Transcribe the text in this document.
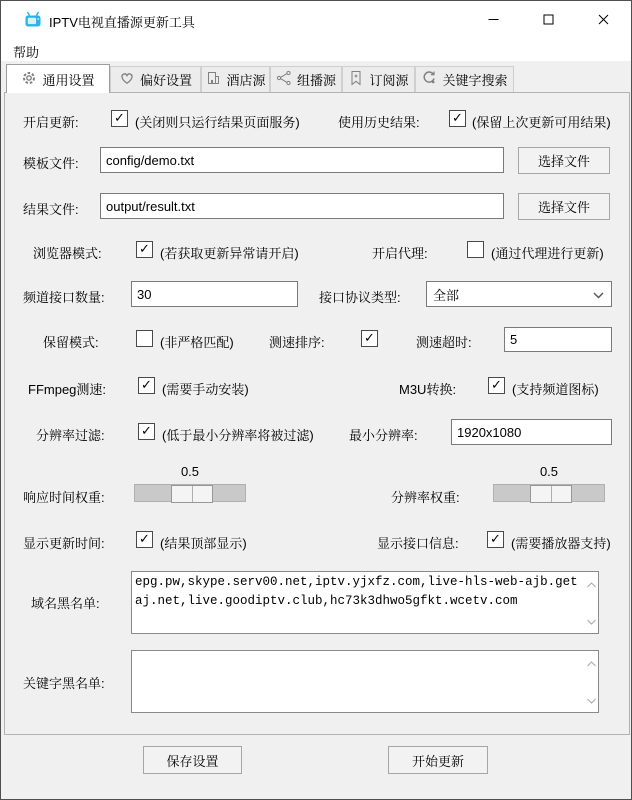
IPTV电视直播源更新工具
帮助
通用设置	偏好设置	酒店源 组播源	订阅源	关键字搜索
开启更新:	✓ (关闭则只运行结果页面服务)	使用历史结果: ✓ (保留上次更新可用结果)
模板文件:
config/demo.txt	选择文件
结果文件:
output/result.txt	选择文件
浏览器模式:	✓ (若获取更新异常请开启)	开启代理:	(通过代理进行更新)
频道接口数量:
30	接口协议类型: 全部
保留模式:	(非严格匹配)	测速排序:	✓	测速超时:
5
FFmpeg测速:	✓ (需要手动安装)	M3U转换:	✓ (支持频道图标)
分辨率过滤:	✓ (低于最小分辨率将被过滤)	最小分辨率:
1920x1080
响应时间权重:
0.5
分辨率权重:
0.5
显示更新时间:	✓ (结果顶部显示)	显示接口信息: ✓ (需要播放器支持)
域名黑名单:
epg.pw,skype.serv00.net,iptv.yjxfz.com,live-hls-web-ajb.getaj.net,live.goodiptv.club,hc73k3dhwo5gfkt.wcetv.com
关键字黑名单:
保存设置	开始更新
